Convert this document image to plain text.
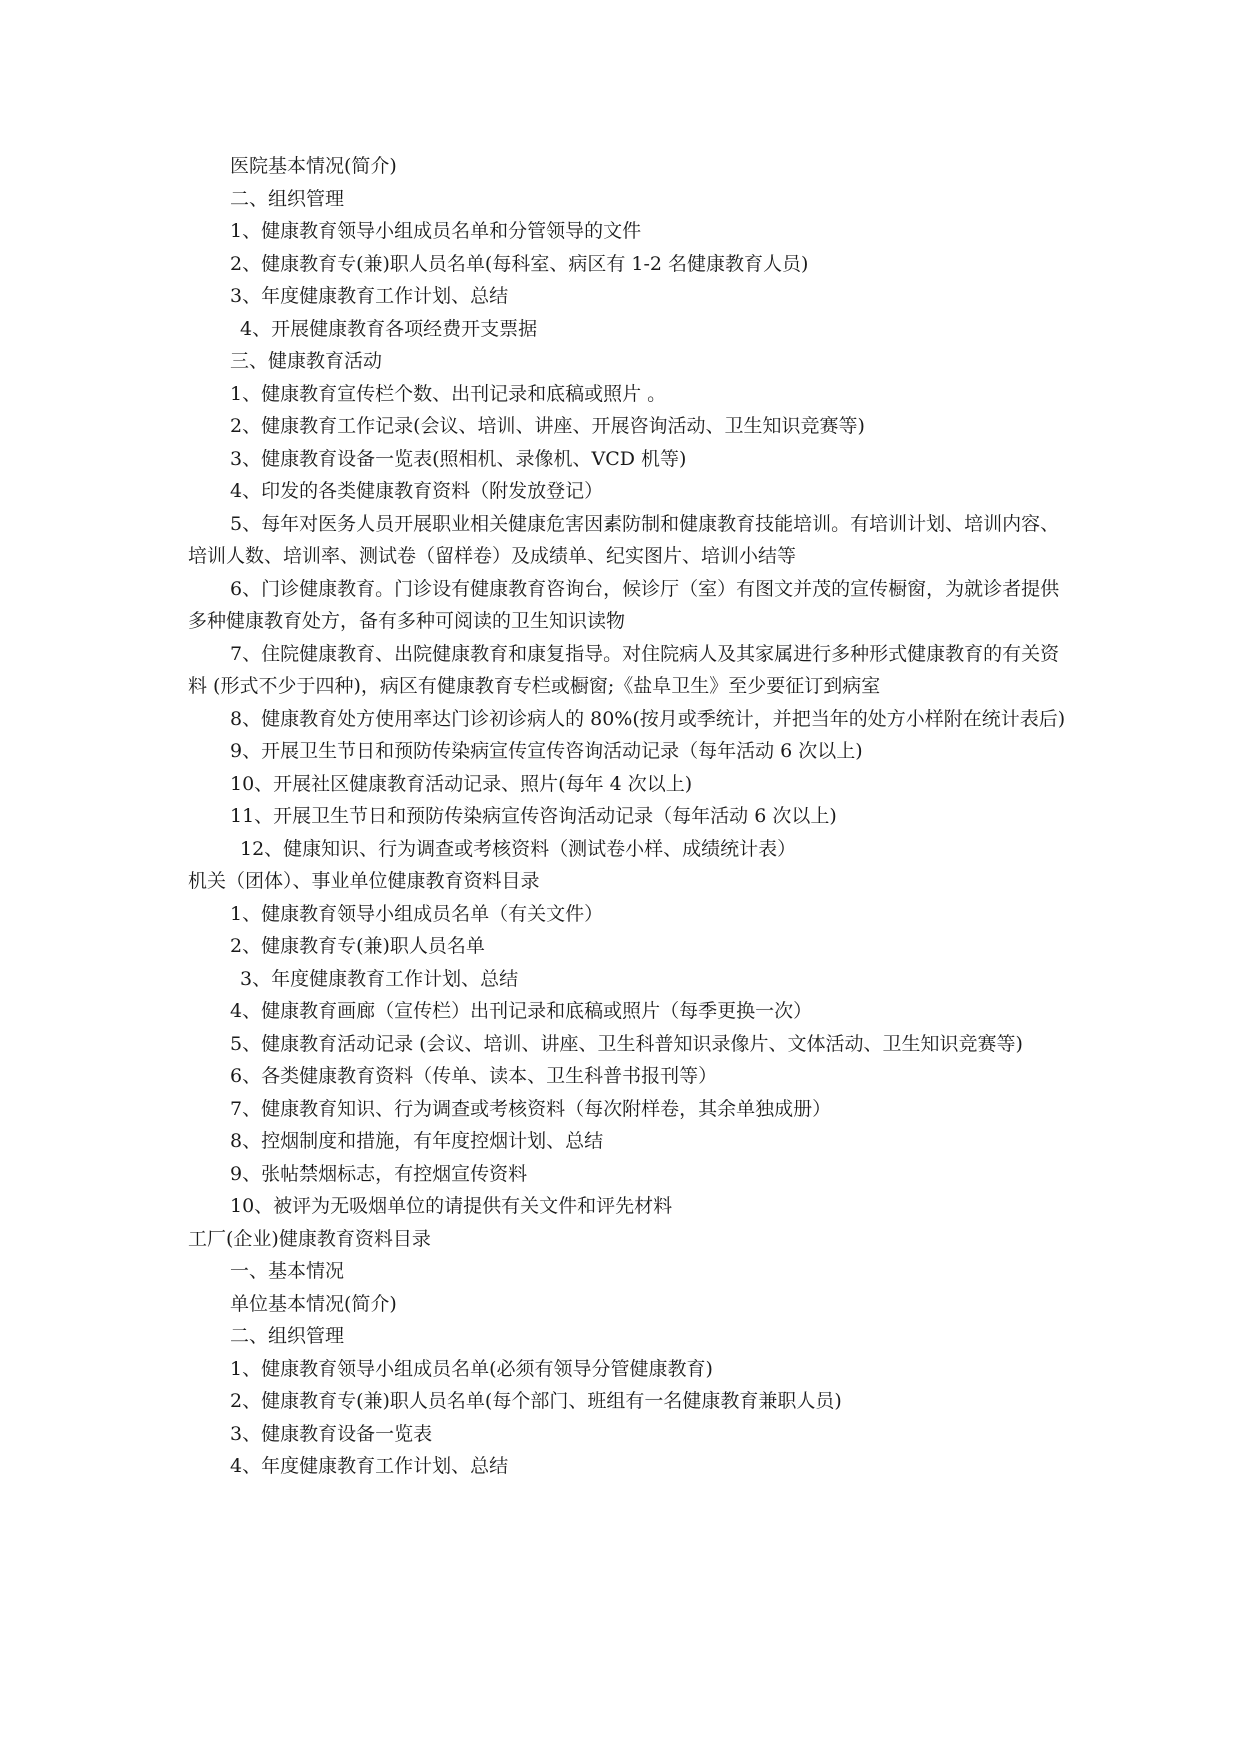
医院基本情况(简介)

二、组织管理

1、健康教育领导小组成员名单和分管领导的文件

2、健康教育专(兼)职人员名单(每科室、病区有 1-2 名健康教育人员)

3、年度健康教育工作计划、总结

4、开展健康教育各项经费开支票据

三、健康教育活动

1、健康教育宣传栏个数、出刊记录和底稿或照片 。

2、健康教育工作记录(会议、培训、讲座、开展咨询活动、卫生知识竞赛等)

3、健康教育设备一览表(照相机、录像机、VCD 机等)

4、印发的各类健康教育资料（附发放登记）

5、每年对医务人员开展职业相关健康危害因素防制和健康教育技能培训。有培训计划、培训内容、培训人数、培训率、测试卷（留样卷）及成绩单、纪实图片、培训小结等

6、门诊健康教育。门诊设有健康教育咨询台，候诊厅（室）有图文并茂的宣传橱窗，为就诊者提供多种健康教育处方，备有多种可阅读的卫生知识读物

7、住院健康教育、出院健康教育和康复指导。对住院病人及其家属进行多种形式健康教育的有关资料 (形式不少于四种)，病区有健康教育专栏或橱窗;《盐阜卫生》至少要征订到病室

8、健康教育处方使用率达门诊初诊病人的 80%(按月或季统计，并把当年的处方小样附在统计表后)

9、开展卫生节日和预防传染病宣传宣传咨询活动记录（每年活动 6 次以上)

10、开展社区健康教育活动记录、照片(每年 4 次以上)

11、开展卫生节日和预防传染病宣传咨询活动记录（每年活动 6 次以上)

12、健康知识、行为调查或考核资料（测试卷小样、成绩统计表）

机关（团体）、事业单位健康教育资料目录

1、健康教育领导小组成员名单（有关文件）

2、健康教育专(兼)职人员名单

3、年度健康教育工作计划、总结

4、健康教育画廊（宣传栏）出刊记录和底稿或照片（每季更换一次）

5、健康教育活动记录 (会议、培训、讲座、卫生科普知识录像片、文体活动、卫生知识竞赛等)

6、各类健康教育资料（传单、读本、卫生科普书报刊等）

7、健康教育知识、行为调查或考核资料（每次附样卷，其余单独成册）

8、控烟制度和措施，有年度控烟计划、总结

9、张帖禁烟标志，有控烟宣传资料

10、被评为无吸烟单位的请提供有关文件和评先材料

工厂(企业)健康教育资料目录

一、基本情况

单位基本情况(简介)

二、组织管理

1、健康教育领导小组成员名单(必须有领导分管健康教育)

2、健康教育专(兼)职人员名单(每个部门、班组有一名健康教育兼职人员)

3、健康教育设备一览表

4、年度健康教育工作计划、总结
